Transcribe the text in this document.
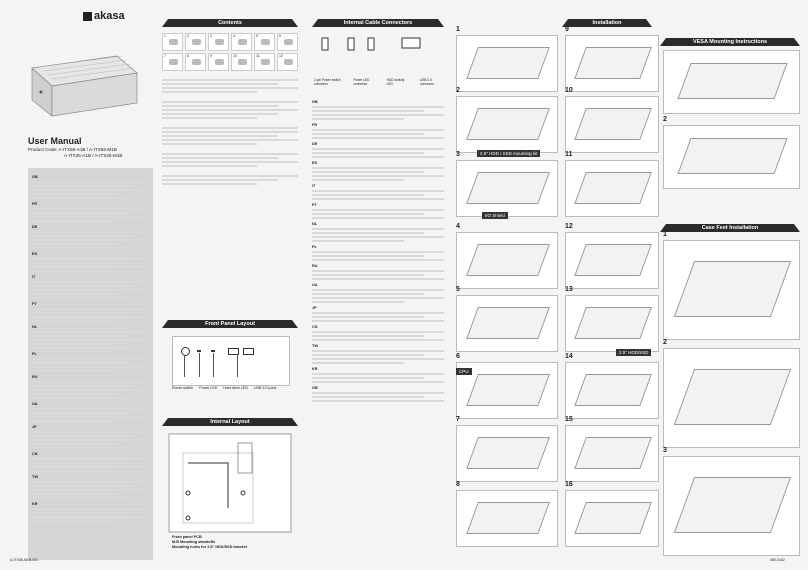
akasa
User Manual
Product Code: A-ITX56-A1B / A-ITX56-M1B
A-ITX25-A1B / A-ITX25-M1B
GB
FR
DE
ES
IT
PT
NL
PL
RU
UA
JP
CN
TW
KR
A-ITX56-M1B-001
Contents
1	2	3	4	5	6
7	8	9	10	11	12
Front Panel Layout
Power switch Power LED Hard drive LED USB 3.0 ports
Internal Layout
Front panel PCB
M.B Mounting standoffs
Mounting holes for 2.5" HDD/SSD bracket
Internal Cable Connectors
2-pin Power switch connector
Power LED connector
HDD activity LED
USB 3.0 connector
GB
FR
DE
ES
IT
PT
NL
PL
RU
UA
JP
CN
TW
KR
GB
Installation
1
2
3
4
5
6
7
8
9
10
11
12
13
14
15
16
2.5" HDD / SSD mounting kit
I/O Shield
CPU
2.5" HDD/SSD
VESA Mounting Instructions
Case Feet Installation
080-0432
1
2
1
2
3
